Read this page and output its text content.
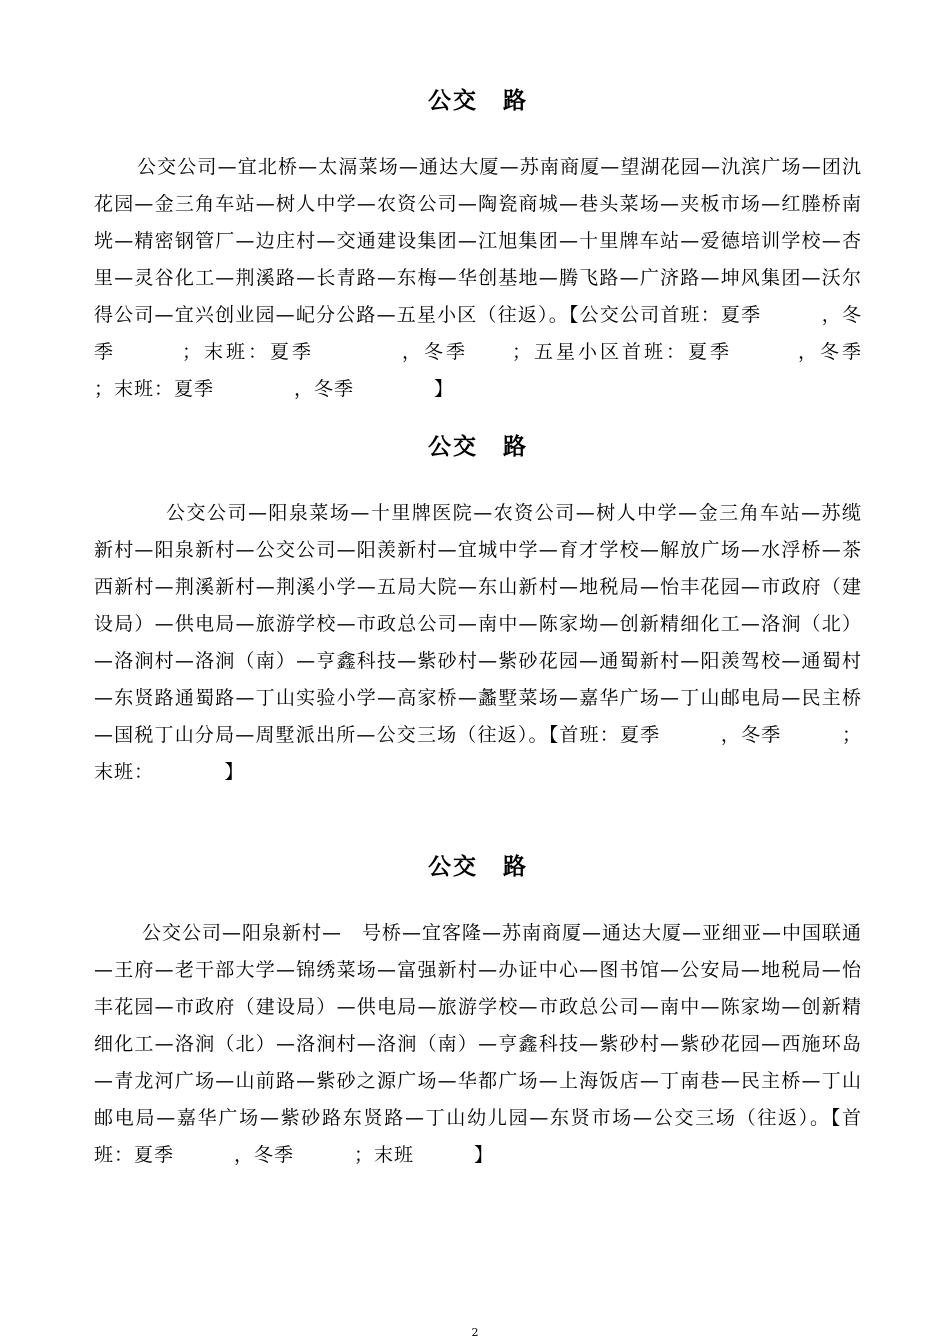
公交　路
公交公司—宜北桥—太滆菜场—通达大厦—苏南商厦—望湖花园—氿滨广场—团氿花园—金三角车站—树人中学—农资公司—陶瓷商城—巷头菜场—夹板市场—红塍桥南垙—精密钢管厂—边庄村—交通建设集团—江旭集团—十里牌车站—爱德培训学校—杏里—灵谷化工—荆溪路—长青路—东梅—华创基地—腾飞路—广济路—坤风集团—沃尔得公司—宜兴创业园—屺分公路—五星小区（往返）。【公交公司首班：夏季　　　，冬季　　　；末班：夏季　　　　，冬季　　；五星小区首班：夏季　　　，冬季　　　；末班：夏季　　　　，冬季　　　　】
公交　路
公交公司—阳泉菜场—十里牌医院—农资公司—树人中学—金三角车站—苏缆新村—阳泉新村—公交公司—阳羡新村—宜城中学—育才学校—解放广场—水浮桥—茶西新村—荆溪新村—荆溪小学—五局大院—东山新村—地税局—怡丰花园—市政府（建设局）—供电局—旅游学校—市政总公司—南中—陈家坳—创新精细化工—洛涧（北）—洛涧村—洛涧（南）—亨鑫科技—紫砂村—紫砂花园—通蜀新村—阳羡驾校—通蜀村—东贤路通蜀路—丁山实验小学—高家桥—蠡墅菜场—嘉华广场—丁山邮电局—民主桥—国税丁山分局—周墅派出所—公交三场（往返）。【首班：夏季　　　，冬季　　　；末班：　　　　】
公交　路
公交公司—阳泉新村—　号桥—宜客隆—苏南商厦—通达大厦—亚细亚—中国联通—王府—老干部大学—锦绣菜场—富强新村—办证中心—图书馆—公安局—地税局—怡丰花园—市政府（建设局）—供电局—旅游学校—市政总公司—南中—陈家坳—创新精细化工—洛涧（北）—洛涧村—洛涧（南）—亨鑫科技—紫砂村—紫砂花园—西施环岛—青龙河广场—山前路—紫砂之源广场—华都广场—上海饭店—丁南巷—民主桥—丁山邮电局—嘉华广场—紫砂路东贤路—丁山幼儿园—东贤市场—公交三场（往返）。【首班：夏季　　　，冬季　　　；末班　　　】
2
